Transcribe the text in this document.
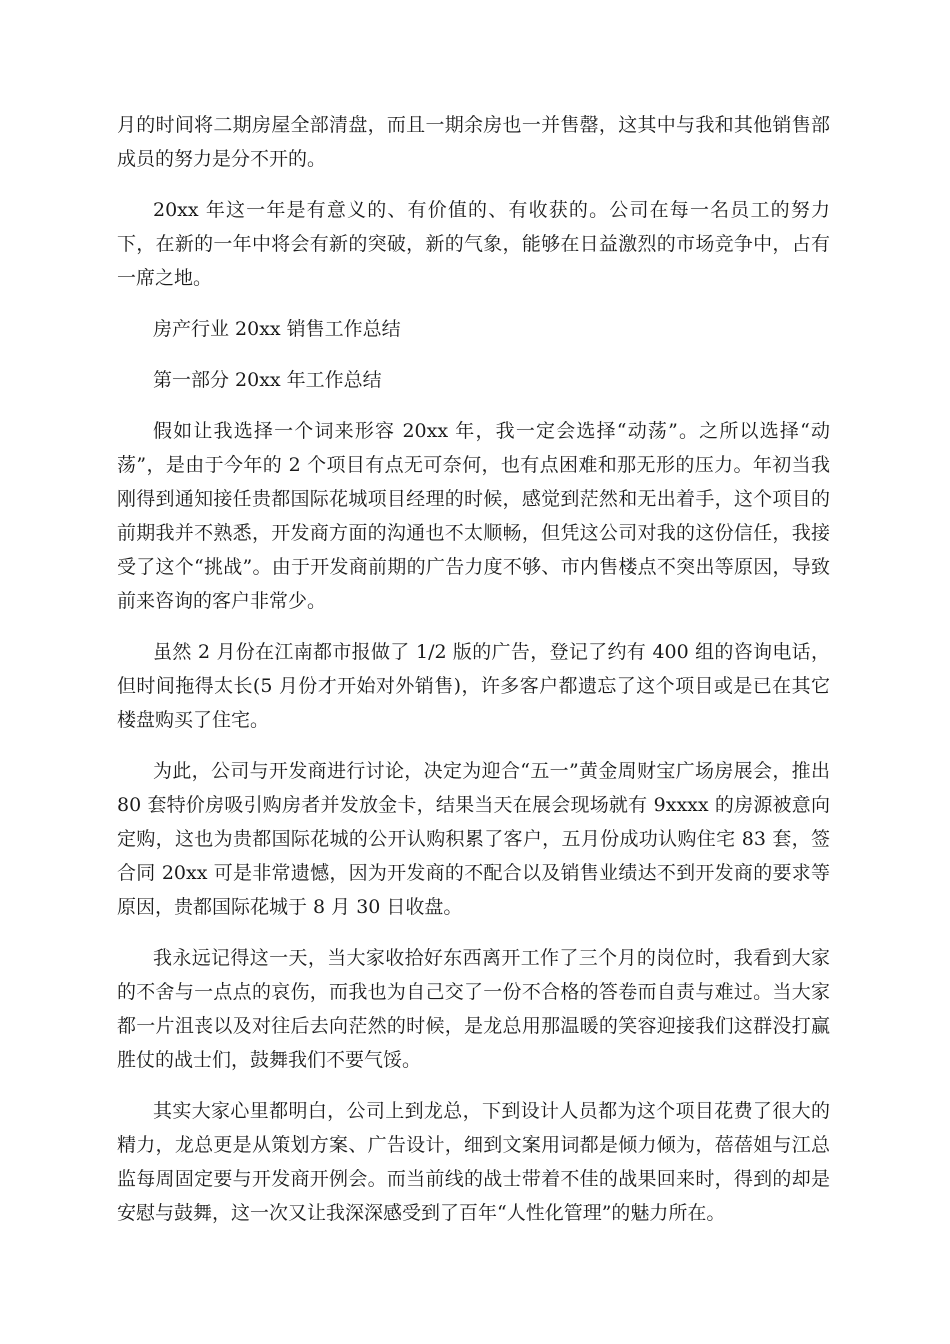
月的时间将二期房屋全部清盘，而且一期余房也一并售罄，这其中与我和其他销售部成员的努力是分不开的。

20xx 年这一年是有意义的、有价值的、有收获的。公司在每一名员工的努力下，在新的一年中将会有新的突破，新的气象，能够在日益激烈的市场竞争中，占有一席之地。

房产行业 20xx 销售工作总结

第一部分 20xx 年工作总结

假如让我选择一个词来形容 20xx 年，我一定会选择“动荡”。之所以选择“动荡”，是由于今年的 2 个项目有点无可奈何，也有点困难和那无形的压力。年初当我刚得到通知接任贵都国际花城项目经理的时候，感觉到茫然和无出着手，这个项目的前期我并不熟悉，开发商方面的沟通也不太顺畅，但凭这公司对我的这份信任，我接受了这个“挑战”。由于开发商前期的广告力度不够、市内售楼点不突出等原因，导致前来咨询的客户非常少。

虽然 2 月份在江南都市报做了 1/2 版的广告，登记了约有 400 组的咨询电话，但时间拖得太长(5 月份才开始对外销售)，许多客户都遗忘了这个项目或是已在其它楼盘购买了住宅。

为此，公司与开发商进行讨论，决定为迎合“五一”黄金周财宝广场房展会，推出 80 套特价房吸引购房者并发放金卡，结果当天在展会现场就有 9xxxx 的房源被意向定购，这也为贵都国际花城的公开认购积累了客户，五月份成功认购住宅 83 套，签合同 20xx 可是非常遗憾，因为开发商的不配合以及销售业绩达不到开发商的要求等原因，贵都国际花城于 8 月 30 日收盘。

我永远记得这一天，当大家收拾好东西离开工作了三个月的岗位时，我看到大家的不舍与一点点的哀伤，而我也为自己交了一份不合格的答卷而自责与难过。当大家都一片沮丧以及对往后去向茫然的时候，是龙总用那温暖的笑容迎接我们这群没打赢胜仗的战士们，鼓舞我们不要气馁。

其实大家心里都明白，公司上到龙总，下到设计人员都为这个项目花费了很大的精力，龙总更是从策划方案、广告设计，细到文案用词都是倾力倾为，蓓蓓姐与江总监每周固定要与开发商开例会。而当前线的战士带着不佳的战果回来时，得到的却是安慰与鼓舞，这一次又让我深深感受到了百年“人性化管理”的魅力所在。
